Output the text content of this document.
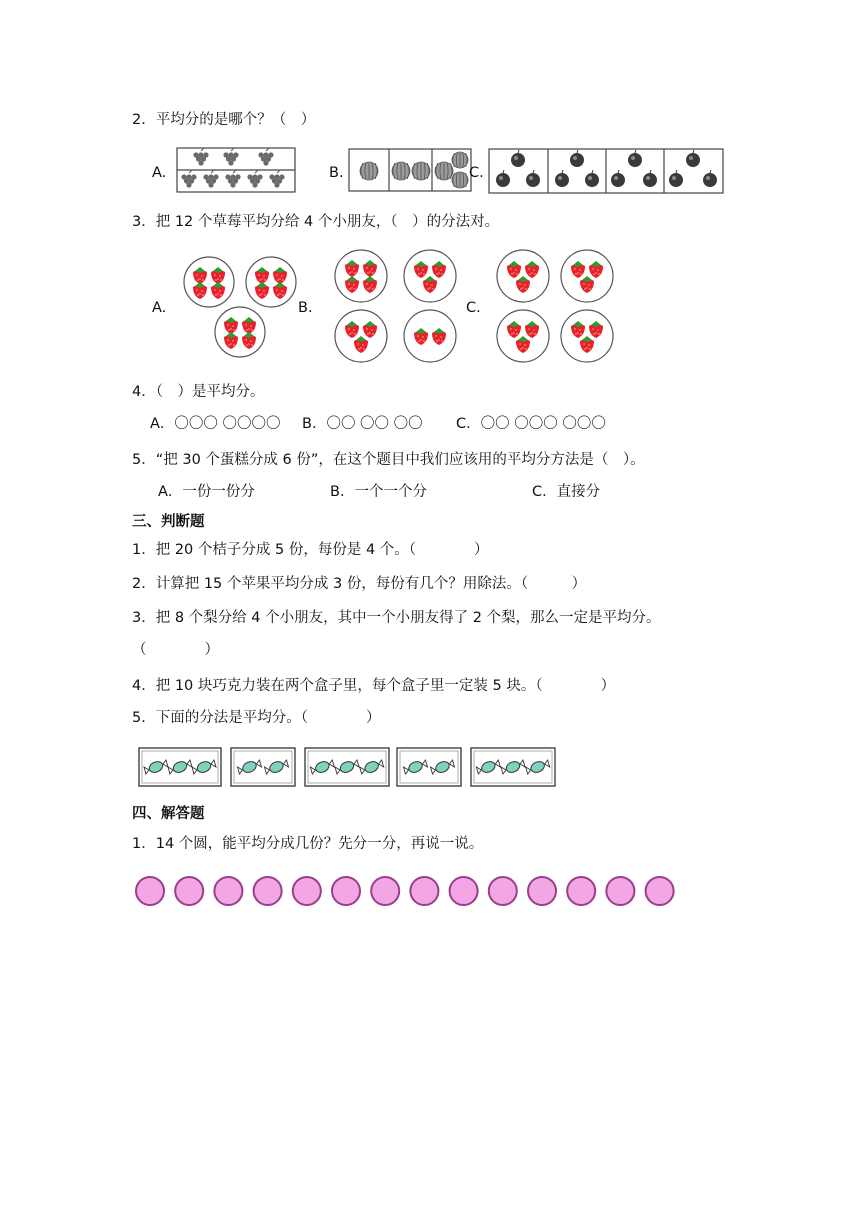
2．平均分的是哪个？（　）
A.	B.	C.
3．把 12 个草莓平均分给 4 个小朋友，（　）的分法对。
A.	B.	C.
4．（　）是平均分。
A．〇〇〇 〇〇〇〇 B．〇〇 〇〇 〇〇 C．〇〇 〇〇〇 〇〇〇
5．“把 30 个蛋糕分成 6 份”，在这个题目中我们应该用的平均分方法是（　）。
A．一份一份分	B．一个一个分	C．直接分
三、判断题
1．把 20 个桔子分成 5 份，每份是 4 个。（　　　　）
2．计算把 15 个苹果平均分成 3 份，每份有几个？用除法。（　　　）
3．把 8 个梨分给 4 个小朋友，其中一个小朋友得了 2 个梨，那么一定是平均分。
（　　　　）
4．把 10 块巧克力装在两个盒子里，每个盒子里一定装 5 块。（　　　　）
5．下面的分法是平均分。（　　　　）
四、解答题
1．14 个圆，能平均分成几份？先分一分，再说一说。
